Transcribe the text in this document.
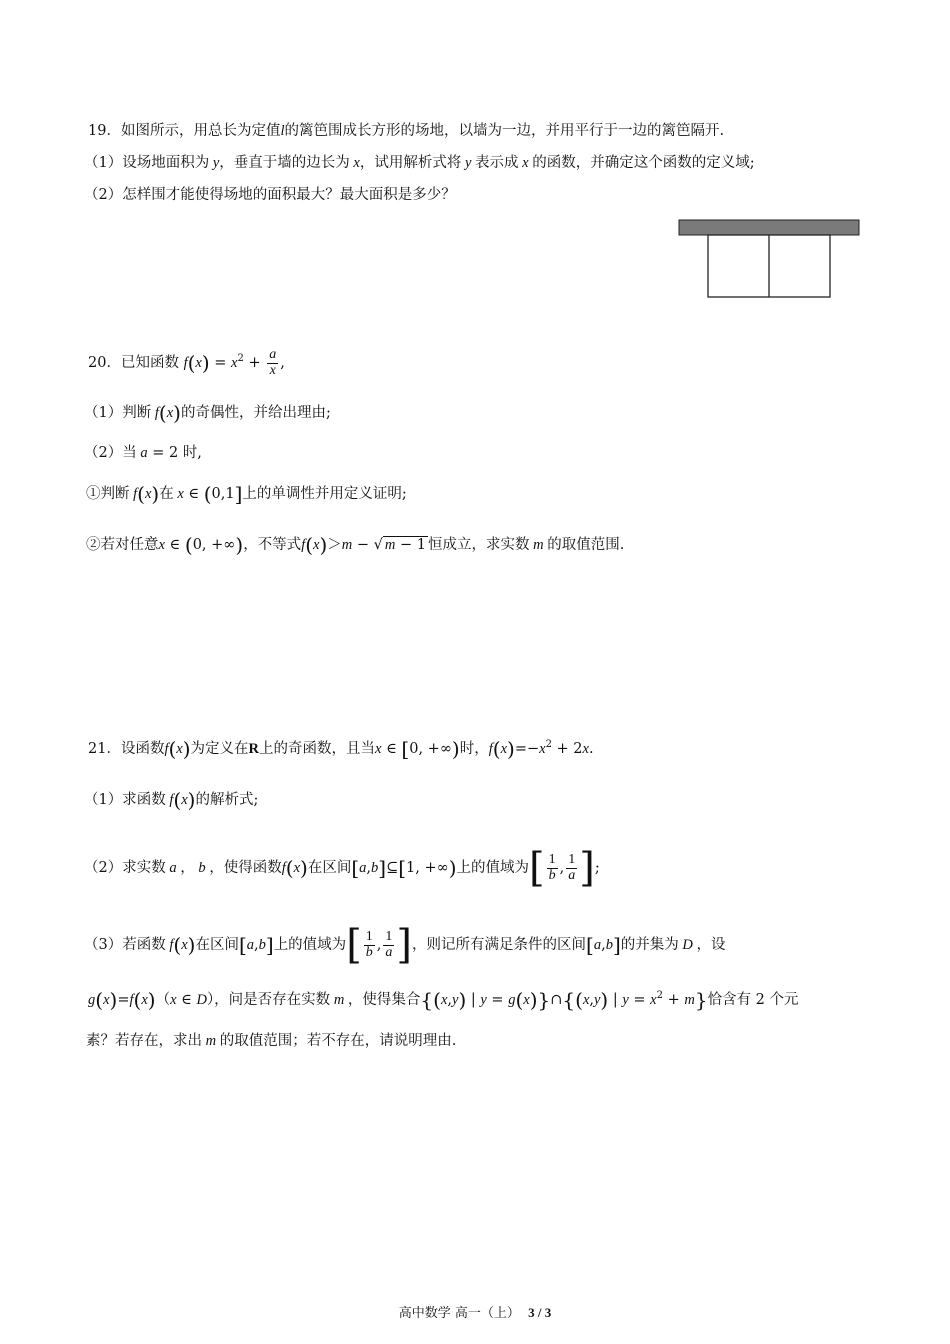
19．如图所示，用总长为定值l的篱笆围成长方形的场地，以墙为一边，并用平行于一边的篱笆隔开.
（1）设场地面积为 y，垂直于墙的边长为 x，试用解析式将 y 表示成 x 的函数，并确定这个函数的定义域;
（2）怎样围才能使得场地的面积最大？最大面积是多少？
20．已知函数 $f(x) = x^2 + \frac{a}{x}$ ,
（1）判断 f(x)的奇偶性，并给出理由;
（2）当 a = 2 时,
①判断 f(x)在 x ∈ (0,1]上的单调性并用定义证明;
②若对任意x ∈ (0, +∞)，不等式f(x)＞m − √ m − 1 恒成立，求实数 m 的取值范围.
21．设函数f(x)为定义在R上的奇函数，且当x ∈ [0, +∞)时，$f(x)=-x^2 + 2x$.
（1）求函数 f(x)的解析式;
（2）求实数 a ， b ，使得函数f(x)在区间[a,b]⊆[1, +∞)上的值域为[ $\frac{1}{b}$ , $\frac{1}{a}$ ];
（3）若函数 f(x)在区间[a,b]上的值域为[ $\frac{1}{b}$ , $\frac{1}{a}$ ]，则记所有满足条件的区间[a,b]的并集为 D ，设
g(x)=f(x)（x ∈ D），问是否存在实数 m ，使得集合{(x,y) | y = g(x)}∩{(x,y) | $y = x^2 + m$}恰含有 2 个元
素？若存在，求出 m 的取值范围；若不存在，请说明理由.
高中数学 高一（上） 3 / 3
